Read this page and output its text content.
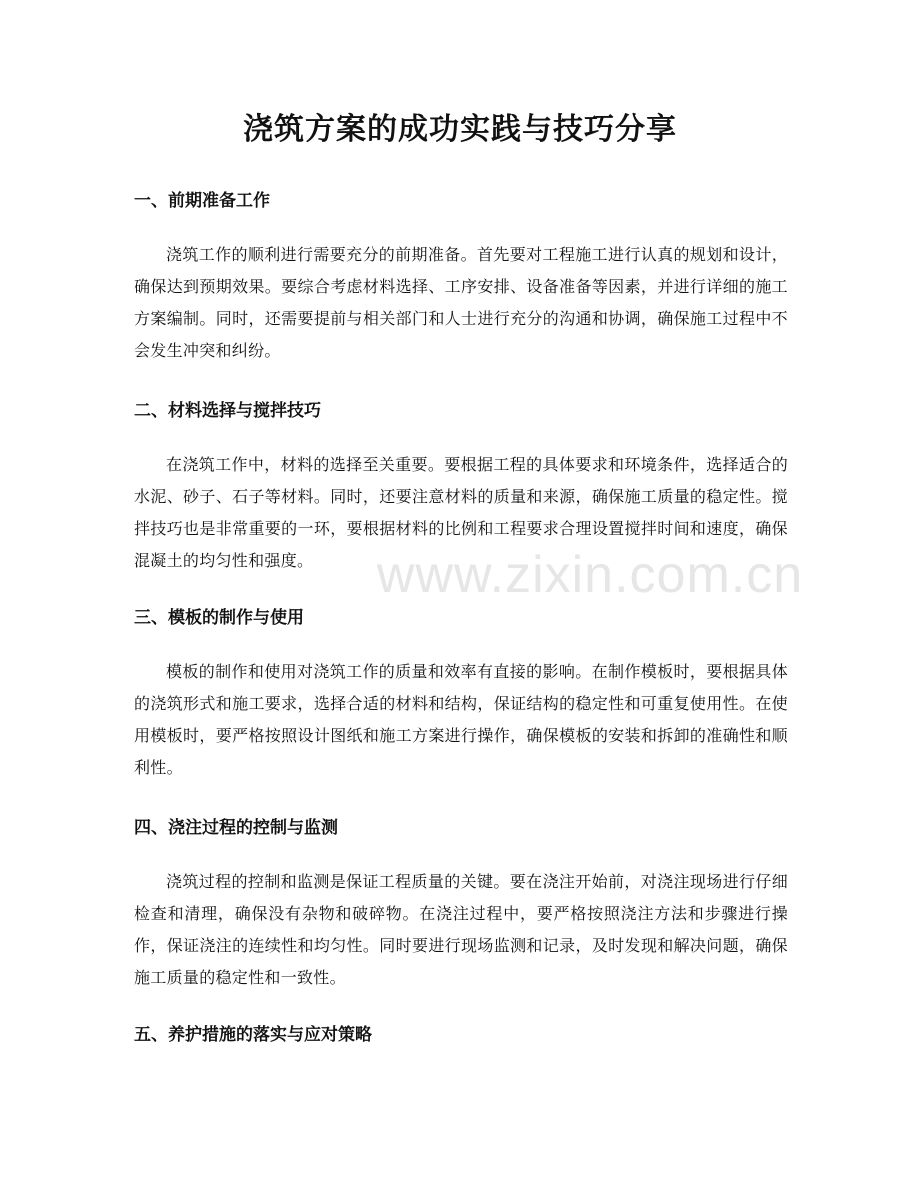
www.zixin.com.cn
浇筑方案的成功实践与技巧分享
一、前期准备工作

浇筑工作的顺利进行需要充分的前期准备。首先要对工程施工进行认真的规划和设计，确保达到预期效果。要综合考虑材料选择、工序安排、设备准备等因素，并进行详细的施工方案编制。同时，还需要提前与相关部门和人士进行充分的沟通和协调，确保施工过程中不会发生冲突和纠纷。

二、材料选择与搅拌技巧

在浇筑工作中，材料的选择至关重要。要根据工程的具体要求和环境条件，选择适合的水泥、砂子、石子等材料。同时，还要注意材料的质量和来源，确保施工质量的稳定性。搅拌技巧也是非常重要的一环，要根据材料的比例和工程要求合理设置搅拌时间和速度，确保混凝土的均匀性和强度。

三、模板的制作与使用

模板的制作和使用对浇筑工作的质量和效率有直接的影响。在制作模板时，要根据具体的浇筑形式和施工要求，选择合适的材料和结构，保证结构的稳定性和可重复使用性。在使用模板时，要严格按照设计图纸和施工方案进行操作，确保模板的安装和拆卸的准确性和顺利性。

四、浇注过程的控制与监测

浇筑过程的控制和监测是保证工程质量的关键。要在浇注开始前，对浇注现场进行仔细检查和清理，确保没有杂物和破碎物。在浇注过程中，要严格按照浇注方法和步骤进行操作，保证浇注的连续性和均匀性。同时要进行现场监测和记录，及时发现和解决问题，确保施工质量的稳定性和一致性。

五、养护措施的落实与应对策略
